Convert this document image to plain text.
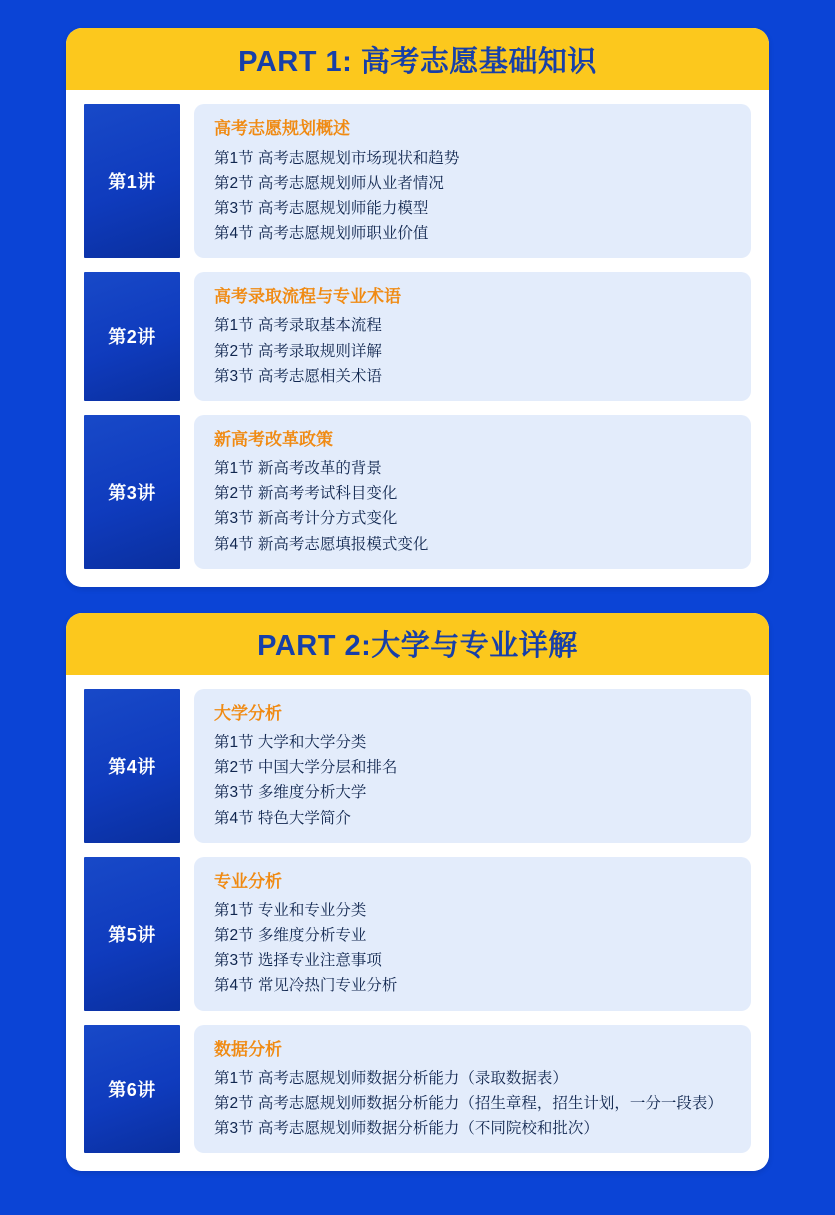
PART 1: 高考志愿基础知识
第1讲
高考志愿规划概述
第1节 高考志愿规划市场现状和趋势
第2节 高考志愿规划师从业者情况
第3节 高考志愿规划师能力模型
第4节 高考志愿规划师职业价值
第2讲
高考录取流程与专业术语
第1节 高考录取基本流程
第2节 高考录取规则详解
第3节 高考志愿相关术语
第3讲
新高考改革政策
第1节 新高考改革的背景
第2节 新高考考试科目变化
第3节 新高考计分方式变化
第4节 新高考志愿填报模式变化
PART 2:大学与专业详解
第4讲
大学分析
第1节 大学和大学分类
第2节 中国大学分层和排名
第3节 多维度分析大学
第4节 特色大学简介
第5讲
专业分析
第1节 专业和专业分类
第2节 多维度分析专业
第3节 选择专业注意事项
第4节 常见冷热门专业分析
第6讲
数据分析
第1节 高考志愿规划师数据分析能力（录取数据表）
第2节 高考志愿规划师数据分析能力（招生章程，招生计划，一分一段表）
第3节 高考志愿规划师数据分析能力（不同院校和批次）
